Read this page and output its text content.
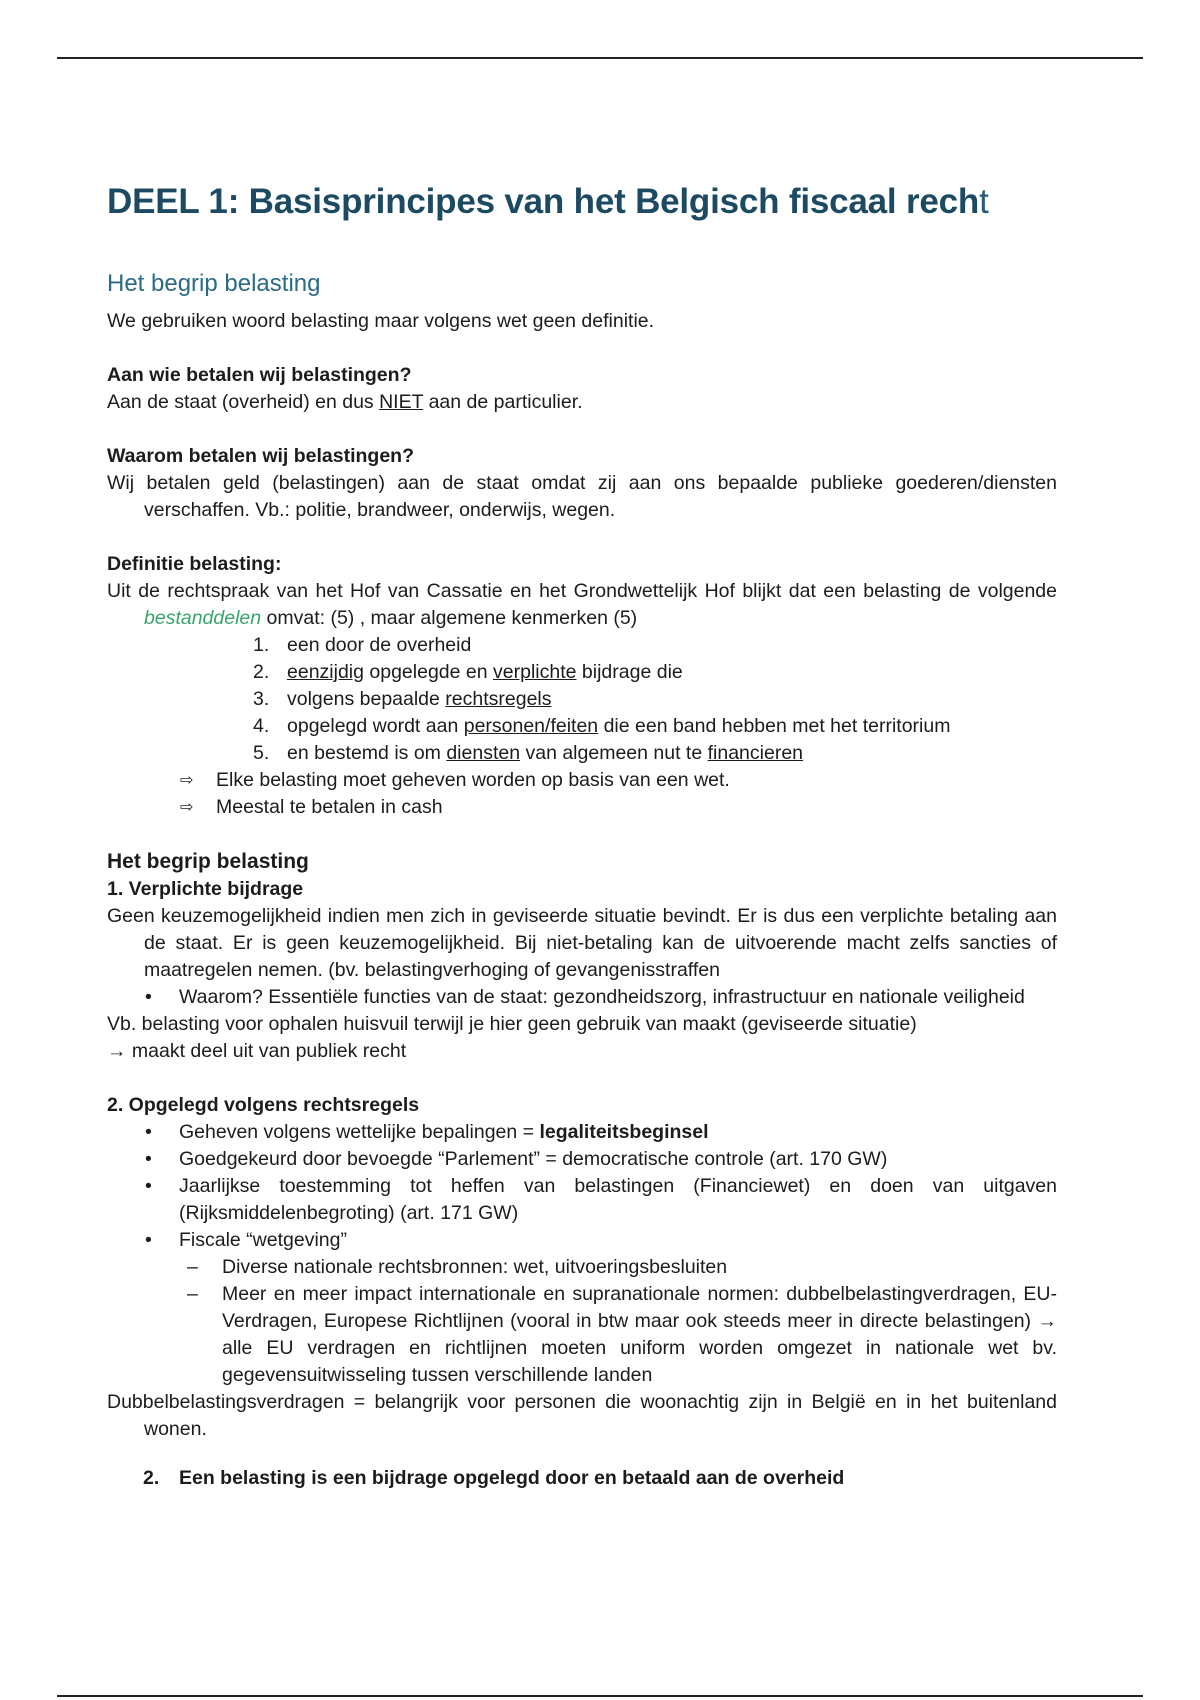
DEEL 1: Basisprincipes van het Belgisch fiscaal recht
Het begrip belasting

We gebruiken woord belasting maar volgens wet geen definitie.

Aan wie betalen wij belastingen?

Aan de staat (overheid) en dus NIET aan de particulier.

Waarom betalen wij belastingen?

Wij betalen geld (belastingen) aan de staat omdat zij aan ons bepaalde publieke goederen/diensten verschaffen. Vb.: politie, brandweer, onderwijs, wegen.

Definitie belasting:

Uit de rechtspraak van het Hof van Cassatie en het Grondwettelijk Hof blijkt dat een belasting de volgende bestanddelen omvat: (5) , maar algemene kenmerken (5)

1. een door de overheid
2. eenzijdig opgelegde en verplichte bijdrage die
3. volgens bepaalde rechtsregels
4. opgelegd wordt aan personen/feiten die een band hebben met het territorium
5. en bestemd is om diensten van algemeen nut te financieren
⇨ Elke belasting moet geheven worden op basis van een wet.
⇨ Meestal te betalen in cash
Het begrip belasting

1. Verplichte bijdrage

Geen keuzemogelijkheid indien men zich in geviseerde situatie bevindt. Er is dus een verplichte betaling aan de staat. Er is geen keuzemogelijkheid. Bij niet-betaling kan de uitvoerende macht zelfs sancties of maatregelen nemen. (bv. belastingverhoging of gevangenisstraffen

• Waarom? Essentiële functies van de staat: gezondheidszorg, infrastructuur en nationale veiligheid

Vb. belasting voor ophalen huisvuil terwijl je hier geen gebruik van maakt (geviseerde situatie)

→ maakt deel uit van publiek recht

2. Opgelegd volgens rechtsregels

• Geheven volgens wettelijke bepalingen = legaliteitsbeginsel
• Goedgekeurd door bevoegde “Parlement” = democratische controle (art. 170 GW)
• Jaarlijkse toestemming tot heffen van belastingen (Financiewet) en doen van uitgaven (Rijksmiddelenbegroting) (art. 171 GW)
• Fiscale “wetgeving”
– Diverse nationale rechtsbronnen: wet, uitvoeringsbesluiten
– Meer en meer impact internationale en supranationale normen: dubbelbelastingverdragen, EU-Verdragen, Europese Richtlijnen (vooral in btw maar ook steeds meer in directe belastingen) → alle EU verdragen en richtlijnen moeten uniform worden omgezet in nationale wet bv. gegevensuitwisseling tussen verschillende landen

Dubbelbelastingsverdragen = belangrijk voor personen die woonachtig zijn in België en in het buitenland wonen.

2. Een belasting is een bijdrage opgelegd door en betaald aan de overheid
